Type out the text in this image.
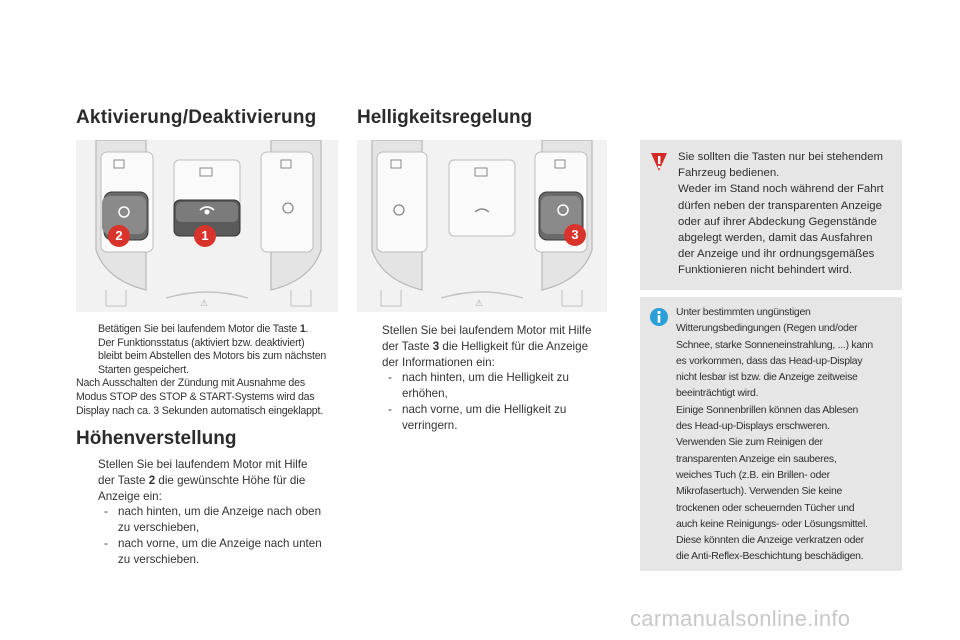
Aktivierung/Deaktivierung Helligkeitsregelung
⚠
2	1
⚠
3
Betätigen Sie bei laufendem Motor die Taste 1.
Der Funktionsstatus (aktiviert bzw. deaktiviert)
bleibt beim Abstellen des Motors bis zum nächsten
Starten gespeichert.
Nach Ausschalten der Zündung mit Ausnahme des
Modus STOP des STOP & START-Systems wird das
Display nach ca. 3 Sekunden automatisch eingeklappt.
Höhenverstellung
Stellen Sie bei laufendem Motor mit Hilfe
der Taste 2 die gewünschte Höhe für die
Anzeige ein:
- nach hinten, um die Anzeige nach oben
zu verschieben,
- nach vorne, um die Anzeige nach unten
zu verschieben.
Stellen Sie bei laufendem Motor mit Hilfe
der Taste 3 die Helligkeit für die Anzeige
der Informationen ein:
- nach hinten, um die Helligkeit zu
erhöhen,
- nach vorne, um die Helligkeit zu
verringern.
Sie sollten die Tasten nur bei stehendem
Fahrzeug bedienen.
Weder im Stand noch während der Fahrt
dürfen neben der transparenten Anzeige
oder auf ihrer Abdeckung Gegenstände
abgelegt werden, damit das Ausfahren
der Anzeige und ihr ordnungsgemäßes
Funktionieren nicht behindert wird.
Unter bestimmten ungünstigen
Witterungsbedingungen (Regen und/oder
Schnee, starke Sonneneinstrahlung, ...) kann
es vorkommen, dass das Head-up-Display
nicht lesbar ist bzw. die Anzeige zeitweise
beeinträchtigt wird.
Einige Sonnenbrillen können das Ablesen
des Head-up-Displays erschweren.
Verwenden Sie zum Reinigen der
transparenten Anzeige ein sauberes,
weiches Tuch (z.B. ein Brillen- oder
Mikrofasertuch). Verwenden Sie keine
trockenen oder scheuernden Tücher und
auch keine Reinigungs- oder Lösungsmittel.
Diese könnten die Anzeige verkratzen oder
die Anti-Reflex-Beschichtung beschädigen.
carmanualsonline.info
